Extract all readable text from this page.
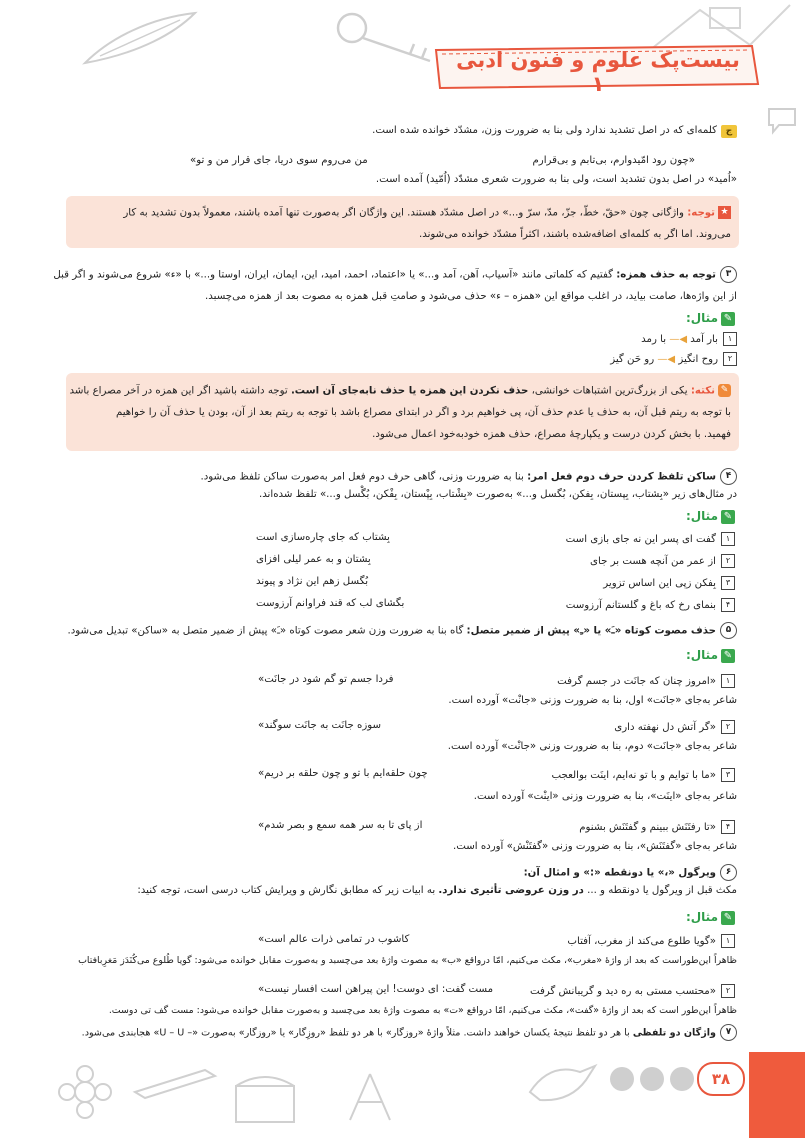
بیست‌پک علوم و فنون ادبی ۱
جکلمه‌ای که در اصل تشدید ندارد ولی بنا به ضرورت وزن، مشدّد خوانده شده است.
«چون رود امّیدوارم، بی‌تابم و بی‌قرارم
من می‌روم سوی دریا، جای قرار من و تو»
«اُمید» در اصل بدون تشدید است، ولی بنا به ضرورت شعری مشدّد (اُمّید) آمده است.
★توجه: واژگانی چون «حقّ، خطّ، جزّ، مدّ، سرّ و...» در اصل مشدّد هستند. این واژگان اگر به‌صورت تنها آمده باشند، معمولاً بدون تشدید به کار
می‌روند. اما اگر به کلمه‌ای اضافه‌شده باشند، اکثراً مشدّد خوانده می‌شوند.
۳توجه به حذف همزه: گفتیم که کلماتی مانند «آسیاب، آهن، آمد و...» یا «اعتماد، احمد، امید، این، ایمان، ایران، اوستا و...» با «ء» شروع می‌شوند و اگر قبل
از این واژه‌ها، صامت بیاید، در اغلب مواقع این «همزه – ء» حذف می‌شود و صامتِ قبل همزه به مصوت بعد از همزه می‌چسبد.
✎مثال:
۱بار آمد ◀— با رمد
۲روح انگیز ◀— رو حَن گیز
✎نکته: یکی از بزرگ‌ترین اشتباهات خوانشی، حذف نکردن این همزه یا حذف نابه‌جای آن است. توجه داشته باشید اگر این همزه در آخر مصراع باشد
با توجه به ریتم قبل آن، به حذف یا عدم حذف آن، پی خواهیم برد و اگر در ابتدای مصراع باشد با توجه به ریتم بعد از آن، بودن یا حذف آن را خواهیم
فهمید. با بخش کردن درست و یکپارچهٔ مصراع، حذف همزه خودبه‌خود اعمال می‌شود.
۴ساکن تلفظ کردن حرف دوم فعل امر: بنا به ضرورت وزنی، گاهی حرف دوم فعل امر به‌صورت ساکن تلفظ می‌شود.
در مثال‌های زیر «بِشتاب، بِپستان، بِفکن، بُگسل و...» به‌صورت «بِشْتاب، بِپْستان، بِفْکن، بُگْسل و...» تلفظ شده‌اند.
✎مثال:
۱گفت ای پسر این نه جای بازی است
بِشتاب که جای چاره‌سازی است
۲از عمر من آنچه هست بر جای
بِشتان و به عمر لیلی افزای
۳بِفکن زپی این اساس تزویر
بُگسل زهم این نژاد و پیوند
۴بنمای رخ که باغ و گلستانم آرزوست
بگشای لب که قند فراوانم آرزوست
۵حذف مصوت کوتاه «ـَ» یا «ـِ» پیش از ضمیر متصل: گاه بنا به ضرورت وزن شعر مصوت کوتاه «ـَ» پیش از ضمیر متصل به «ساکن» تبدیل می‌شود.
✎مثال:
۱«امروز چنان که جانَت در جسم گرفت
فردا جسم تو گم شود در جانَت»
شاعر به‌جای «جانَت» اول، بنا به ضرورت وزنی «جانْت» آورده است.
۲«گر آتش دل نهفته داری
سوزه جانَت به جانَت سوگند»
شاعر به‌جای «جانَت» دوم، بنا به ضرورت وزنی «جانْت» آورده است.
۳«ما با توایم و با تو نه‌ایم، اینَت بوالعجب
چون حلقه‌ایم با تو و چون حلقه بر دریم»
شاعر به‌جای «اینَت»، بنا به ضرورت وزنی «اینْت» آورده است.
۴«تا رفتَنَش ببینم و گفتَنَش بشنوم
از پای تا به سر همه سمع و بصر شدم»
شاعر به‌جای «گفتَنَش»، بنا به ضرورت وزنی «گفتَنْش» آورده است.
۶ویرگول «،» یا دونقطه «:» و امثال آن:
مکث قبل از ویرگول یا دونقطه و ... در وزن عروضی تأثیری ندارد. به ابیات زیر که مطابق نگارش و ویرایش کتاب درسی است، توجه کنید:
✎مثال:
۱«گویا طلوع می‌کند از مغرب، آفتاب
کاشوب در تمامی ذرات عالم است»
ظاهراً این‌طوراست که بعد از واژهٔ «مغرب»، مکث می‌کنیم، امّا درواقع «ب» به مصوت واژهٔ بعد می‌چسبد و به‌صورت مقابل خوانده می‌شود: گویا طُلوع می‌کُنَدَز مَغرِبافتاب
۲«محتسب مستی به ره دید و گریبانش گرفت
مست گفت: ای دوست! این پیراهن است افسار نیست»
ظاهراً این‌طور است که بعد از واژهٔ «گفت»، مکث می‌کنیم، امّا درواقع «ت» به مصوت واژهٔ بعد می‌چسبد و به‌صورت مقابل خوانده می‌شود: مست گف تی دوست.
۷واژگان دو تلفظی با هر دو تلفظ نتیجهٔ یکسان خواهند داشت. مثلاً واژهٔ «روزگار» با هر دو تلفظ «روزِگار» یا «روزگار» به‌صورت «– U – U» هجابندی می‌شود.
۳۸
